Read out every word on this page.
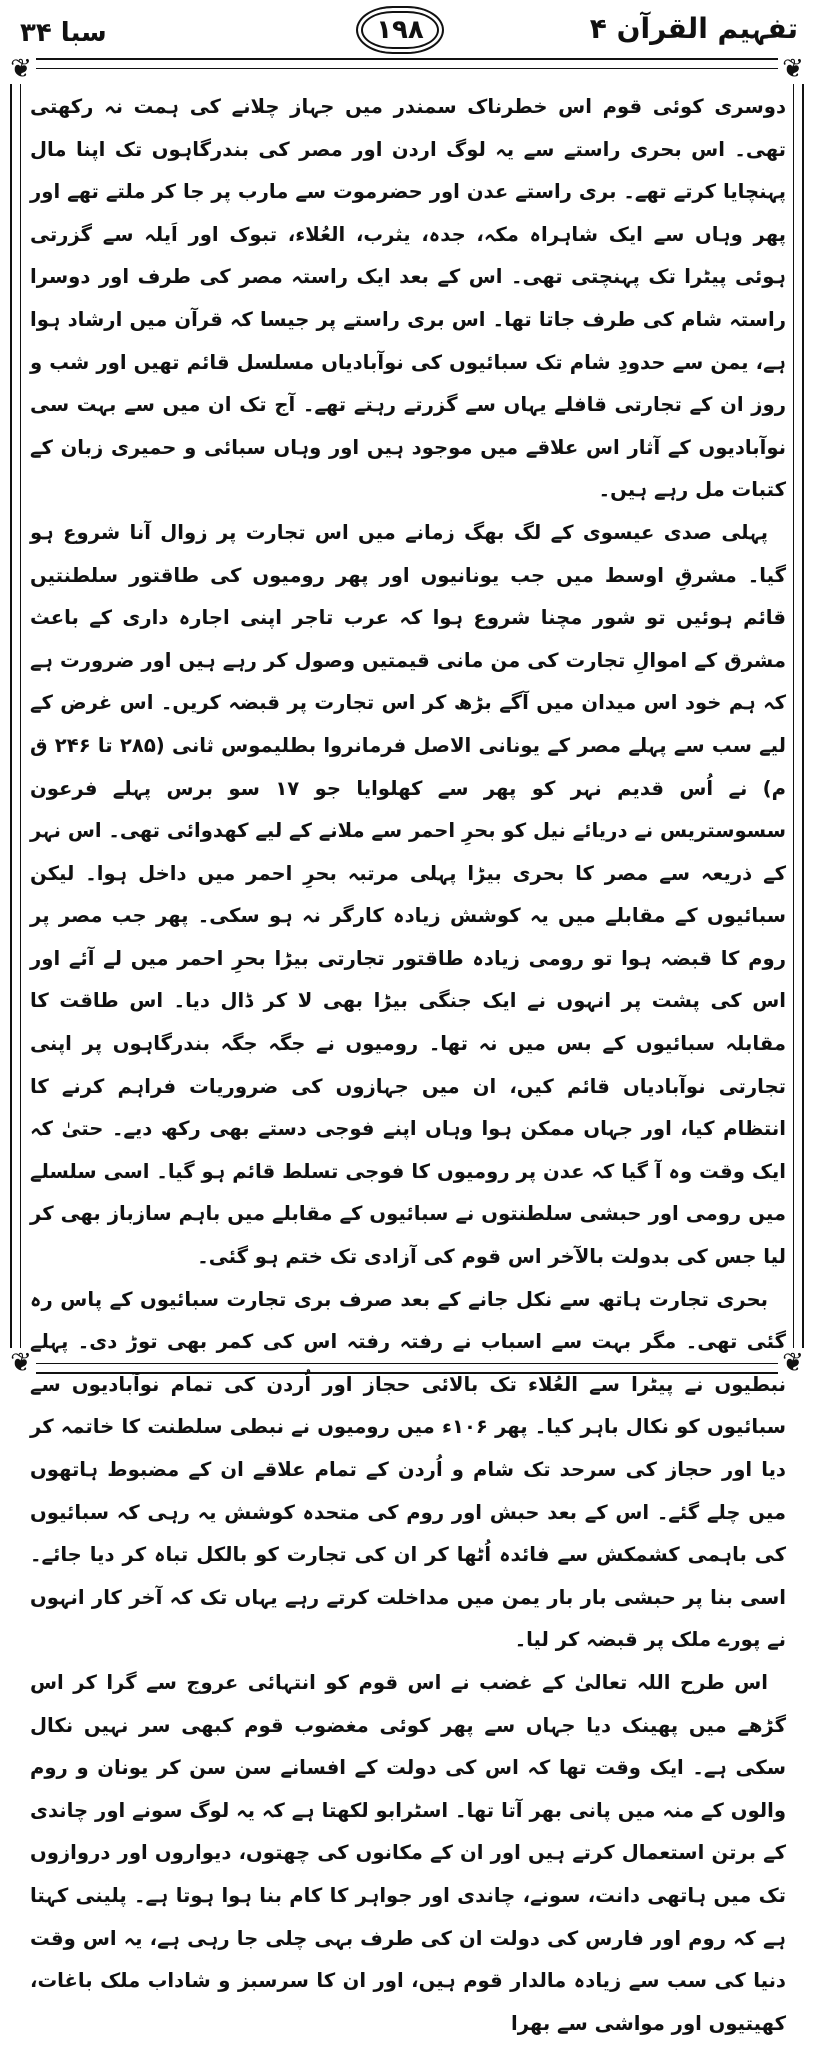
سبا ۳۴	۱۹۸	تفہیم القرآن ۴
❦	❦
❦	❦

دوسری کوئی قوم اس خطرناک سمندر میں جہاز چلانے کی ہمت نہ رکھتی تھی۔ اس بحری راستے سے یہ لوگ اردن اور مصر کی بندرگاہوں تک اپنا مال پہنچایا کرتے تھے۔ بری راستے عدن اور حضرموت سے مارب پر جا کر ملتے تھے اور پھر وہاں سے ایک شاہراہ مکہ، جدہ، یثرب، العُلاء، تبوک اور اَیلہ سے گزرتی ہوئی پیٹرا تک پہنچتی تھی۔ اس کے بعد ایک راستہ مصر کی طرف اور دوسرا راستہ شام کی طرف جاتا تھا۔ اس بری راستے پر جیسا کہ قرآن میں ارشاد ہوا ہے، یمن سے حدودِ شام تک سبائیوں کی نوآبادیاں مسلسل قائم تھیں اور شب و روز ان کے تجارتی قافلے یہاں سے گزرتے رہتے تھے۔ آج تک ان میں سے بہت سی نوآبادیوں کے آثار اس علاقے میں موجود ہیں اور وہاں سبائی و حمیری زبان کے کتبات مل رہے ہیں۔

پہلی صدی عیسوی کے لگ بھگ زمانے میں اس تجارت پر زوال آنا شروع ہو گیا۔ مشرقِ اوسط میں جب یونانیوں اور پھر رومیوں کی طاقتور سلطنتیں قائم ہوئیں تو شور مچنا شروع ہوا کہ عرب تاجر اپنی اجارہ داری کے باعث مشرق کے اموالِ تجارت کی من مانی قیمتیں وصول کر رہے ہیں اور ضرورت ہے کہ ہم خود اس میدان میں آگے بڑھ کر اس تجارت پر قبضہ کریں۔ اس غرض کے لیے سب سے پہلے مصر کے یونانی الاصل فرمانروا بطلیموس ثانی (۲۸۵ تا ۲۴۶ ق م) نے اُس قدیم نہر کو پھر سے کھلوایا جو ۱۷ سو برس پہلے فرعون سسوستریس نے دریائے نیل کو بحرِ احمر سے ملانے کے لیے کھدوائی تھی۔ اس نہر کے ذریعہ سے مصر کا بحری بیڑا پہلی مرتبہ بحرِ احمر میں داخل ہوا۔ لیکن سبائیوں کے مقابلے میں یہ کوشش زیادہ کارگر نہ ہو سکی۔ پھر جب مصر پر روم کا قبضہ ہوا تو رومی زیادہ طاقتور تجارتی بیڑا بحرِ احمر میں لے آئے اور اس کی پشت پر انہوں نے ایک جنگی بیڑا بھی لا کر ڈال دیا۔ اس طاقت کا مقابلہ سبائیوں کے بس میں نہ تھا۔ رومیوں نے جگہ جگہ بندرگاہوں پر اپنی تجارتی نوآبادیاں قائم کیں، ان میں جہازوں کی ضروریات فراہم کرنے کا انتظام کیا، اور جہاں ممکن ہوا وہاں اپنے فوجی دستے بھی رکھ دیے۔ حتیٰ کہ ایک وقت وہ آ گیا کہ عدن پر رومیوں کا فوجی تسلط قائم ہو گیا۔ اسی سلسلے میں رومی اور حبشی سلطنتوں نے سبائیوں کے مقابلے میں باہم سازباز بھی کر لیا جس کی بدولت بالآخر اس قوم کی آزادی تک ختم ہو گئی۔

بحری تجارت ہاتھ سے نکل جانے کے بعد صرف بری تجارت سبائیوں کے پاس رہ گئی تھی۔ مگر بہت سے اسباب نے رفتہ رفتہ اس کی کمر بھی توڑ دی۔ پہلے نبطیوں نے پیٹرا سے العُلاء تک بالائی حجاز اور اُردن کی تمام نوآبادیوں سے سبائیوں کو نکال باہر کیا۔ پھر ۱۰۶ء میں رومیوں نے نبطی سلطنت کا خاتمہ کر دیا اور حجاز کی سرحد تک شام و اُردن کے تمام علاقے ان کے مضبوط ہاتھوں میں چلے گئے۔ اس کے بعد حبش اور روم کی متحدہ کوشش یہ رہی کہ سبائیوں کی باہمی کشمکش سے فائدہ اُٹھا کر ان کی تجارت کو بالکل تباہ کر دیا جائے۔ اسی بنا پر حبشی بار بار یمن میں مداخلت کرتے رہے یہاں تک کہ آخر کار انہوں نے پورے ملک پر قبضہ کر لیا۔

اس طرح اللہ تعالیٰ کے غضب نے اس قوم کو انتہائی عروج سے گرا کر اس گڑھے میں پھینک دیا جہاں سے پھر کوئی مغضوب قوم کبھی سر نہیں نکال سکی ہے۔ ایک وقت تھا کہ اس کی دولت کے افسانے سن سن کر یونان و روم والوں کے منہ میں پانی بھر آتا تھا۔ اسٹرابو لکھتا ہے کہ یہ لوگ سونے اور چاندی کے برتن استعمال کرتے ہیں اور ان کے مکانوں کی چھتوں، دیواروں اور دروازوں تک میں ہاتھی دانت، سونے، چاندی اور جواہر کا کام بنا ہوا ہوتا ہے۔ پلینی کہتا ہے کہ روم اور فارس کی دولت ان کی طرف بہی چلی جا رہی ہے، یہ اس وقت دنیا کی سب سے زیادہ مالدار قوم ہیں، اور ان کا سرسبز و شاداب ملک باغات، کھیتیوں اور مواشی سے بھرا
